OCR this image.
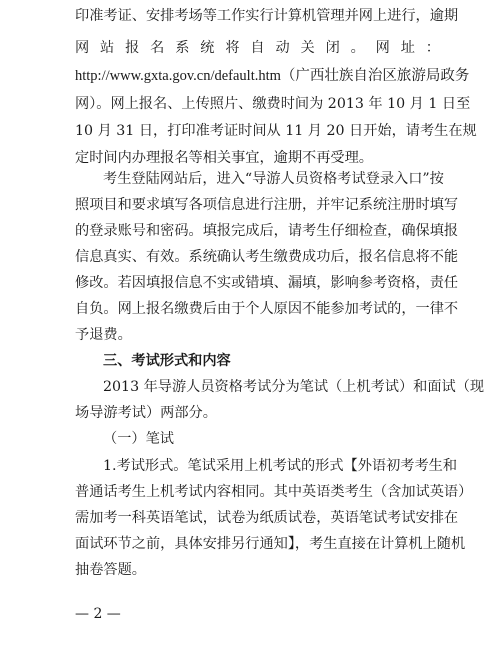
印准考证、安排考场等工作实行计算机管理并网上进行，逾期
网站报名系统将自动关闭。网址：
http://www.gxta.gov.cn/default.htm（广西壮族自治区旅游局政务
网）。网上报名、上传照片、缴费时间为 2013 年 10 月 1 日至
10 月 31 日，打印准考证时间从 11 月 20 日开始，请考生在规
定时间内办理报名等相关事宜，逾期不再受理。
考生登陆网站后，进入“导游人员资格考试登录入口”按
照项目和要求填写各项信息进行注册，并牢记系统注册时填写
的登录账号和密码。填报完成后，请考生仔细检查，确保填报
信息真实、有效。系统确认考生缴费成功后，报名信息将不能
修改。若因填报信息不实或错填、漏填，影响参考资格，责任
自负。网上报名缴费后由于个人原因不能参加考试的，一律不
予退费。
三、考试形式和内容
2013 年导游人员资格考试分为笔试（上机考试）和面试（现
场导游考试）两部分。
（一）笔试
1.考试形式。笔试采用上机考试的形式【外语初考考生和
普通话考生上机考试内容相同。其中英语类考生（含加试英语）
需加考一科英语笔试，试卷为纸质试卷，英语笔试考试安排在
面试环节之前，具体安排另行通知】，考生直接在计算机上随机
抽卷答题。
— 2 —
